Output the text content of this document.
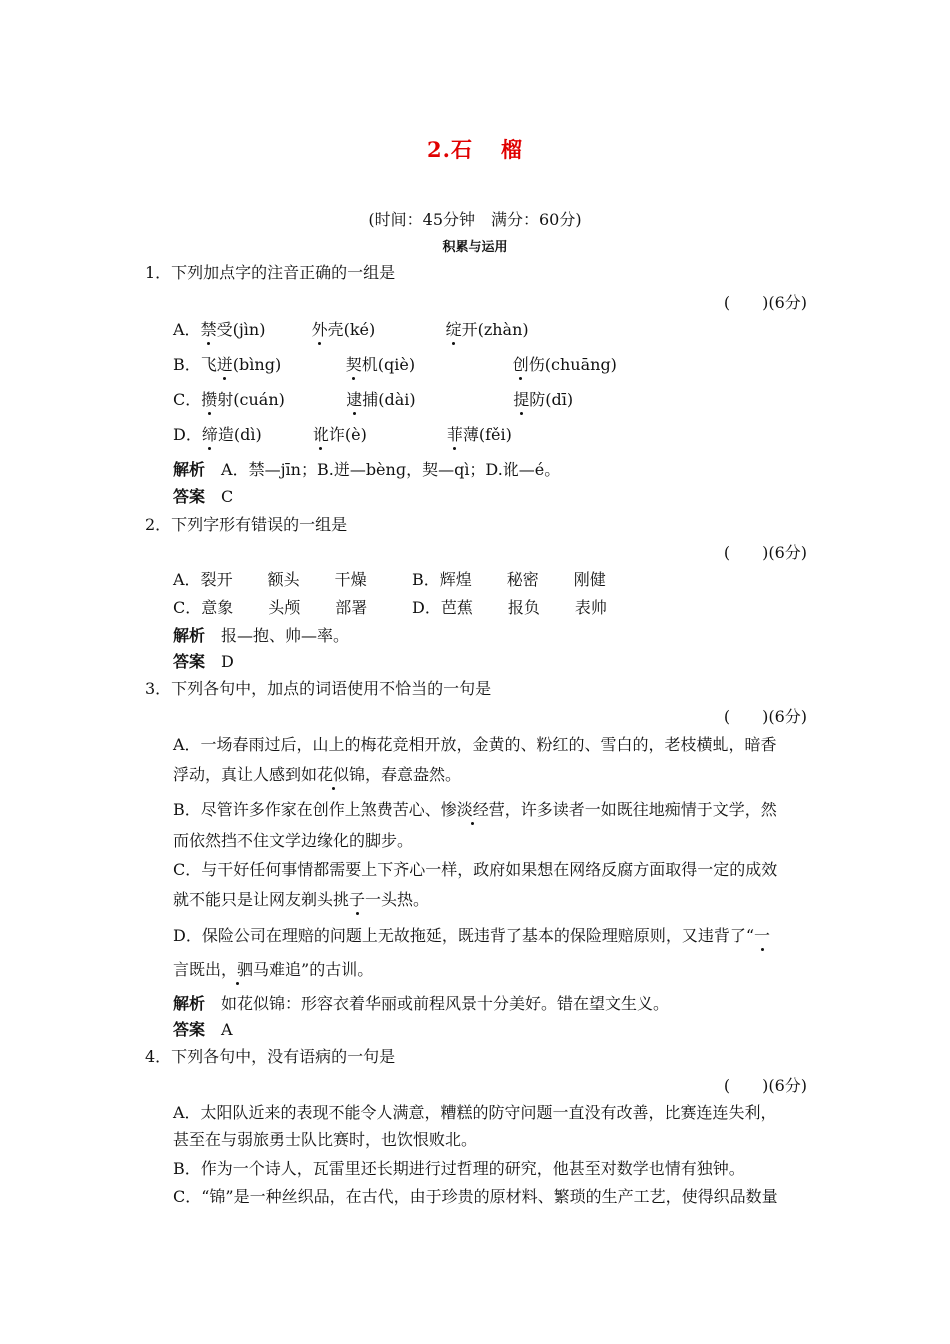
2.石 榴
(时间：45分钟　满分：60分)
积累与运用
1．下列加点字的注音正确的一组是
(　　)(6分)
A．禁受(jìn)	外壳(ké)	绽开(zhàn)
B．飞迸(bìng)	契机(qiè)	创伤(chuāng)
C．攒射(cuán)	逮捕(dài)	提防(dī)
D．缔造(dì)	讹诈(è)	菲薄(fěi)
解析　 A．禁—jīn；B.迸—bènɡ，契—qì；D.讹—é。
答案　 C
2．下列字形有错误的一组是
(　　)(6分)
A．裂开 额头 干燥	B．辉煌 秘密 刚健
C．意象 头颅 部署	D．芭蕉 报负 表帅
解析　 报—抱、帅—率。
答案　 D
3．下列各句中，加点的词语使用不恰当的一句是
(　　)(6分)
A．一场春雨过后，山上的梅花竞相开放，金黄的、粉红的、雪白的，老枝横虬，暗香
浮动，真让人感到如花似锦，春意盎然。
B．尽管许多作家在创作上煞费苦心、惨淡经营，许多读者一如既往地痴情于文学，然
而依然挡不住文学边缘化的脚步。
C．与干好任何事情都需要上下齐心一样，政府如果想在网络反腐方面取得一定的成效
就不能只是让网友剃头挑子一头热。
D．保险公司在理赔的问题上无故拖延，既违背了基本的保险理赔原则，又违背了“一
言既出，驷马难追”的古训。
解析　 如花似锦：形容衣着华丽或前程风景十分美好。错在望文生义。
答案　 A
4．下列各句中，没有语病的一句是
(　　)(6分)
A．太阳队近来的表现不能令人满意，糟糕的防守问题一直没有改善，比赛连连失利，
甚至在与弱旅勇士队比赛时，也饮恨败北。
B．作为一个诗人，瓦雷里还长期进行过哲理的研究，他甚至对数学也情有独钟。
C．“锦”是一种丝织品，在古代，由于珍贵的原材料、繁琐的生产工艺，使得织品数量
